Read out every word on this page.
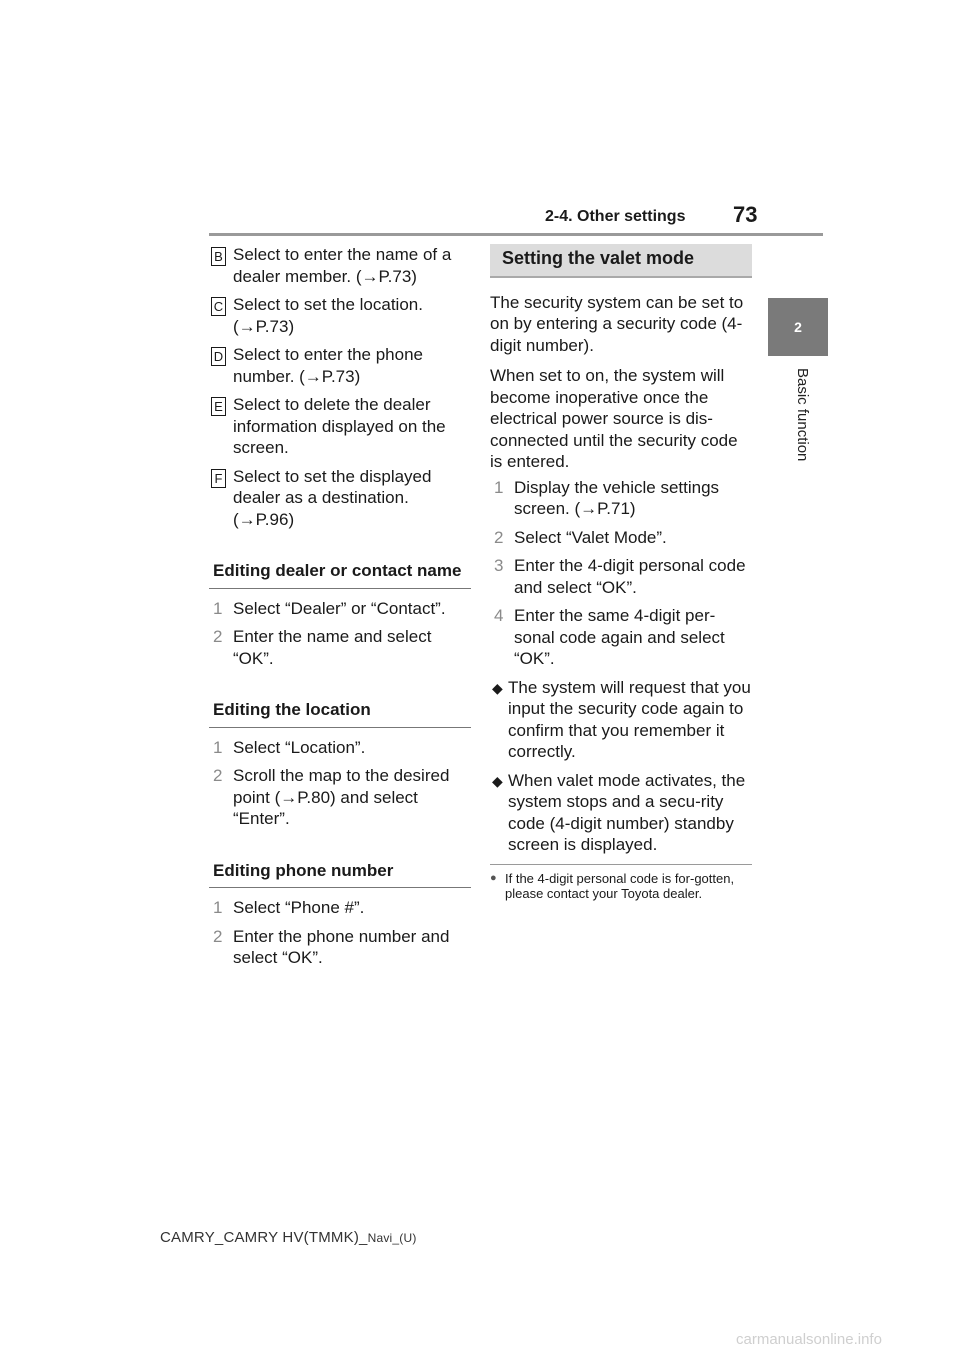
2-4. Other settings 73
2
Basic function
B Select to enter the name of a dealer member. (→P.73)
C Select to set the location. (→P.73)
D Select to enter the phone number. (→P.73)
E Select to delete the dealer information displayed on the screen.
F Select to set the displayed dealer as a destination. (→P.96)
Editing dealer or contact name
1 Select “Dealer” or “Contact”.
2 Enter the name and select “OK”.
Editing the location
1 Select “Location”.
2 Scroll the map to the desired point (→P.80) and select “Enter”.
Editing phone number
1 Select “Phone #”.
2 Enter the phone number and select “OK”.
Setting the valet mode

The security system can be set to on by entering a security code (4-digit number).

When set to on, the system will become inoperative once the electrical power source is dis-connected until the security code is entered.

1 Display the vehicle settings screen. (→P.71)
2 Select “Valet Mode”.
3 Enter the 4-digit personal code and select “OK”.
4 Enter the same 4-digit per-sonal code again and select “OK”.
◆ The system will request that you input the security code again to confirm that you remember it correctly.
◆ When valet mode activates, the system stops and a secu-rity code (4-digit number) standby screen is displayed.
● If the 4-digit personal code is for-gotten, please contact your Toyota dealer.
CAMRY_CAMRY HV(TMMK)_Navi_(U)
carmanualsonline.info
